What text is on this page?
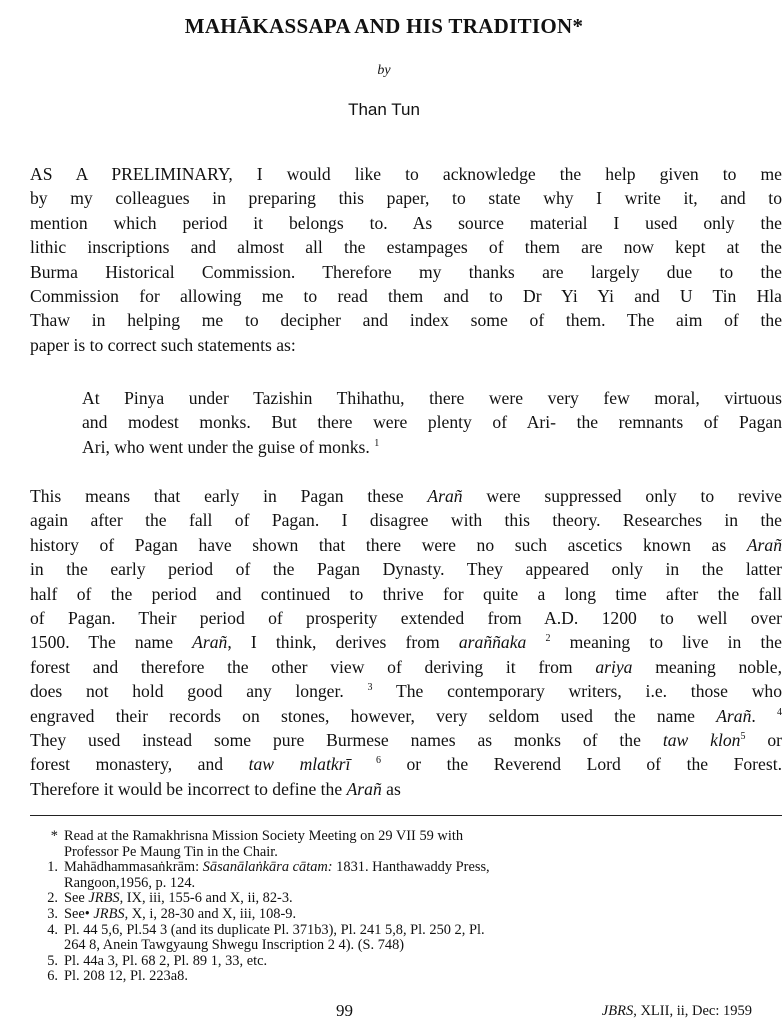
MAHĀKASSAPA AND HIS TRADITION*
by
Than Tun
AS A PRELIMINARY, I would like to acknowledge the help given to me
by my colleagues in preparing this paper, to state why I write it, and to
mention which period it belongs to. As source material I used only the
lithic inscriptions and almost all the estampages of them are now kept at the
Burma Historical Commission. Therefore my thanks are largely due to the
Commission for allowing me to read them and to Dr Yi Yi and U Tin Hla
Thaw in helping me to decipher and index some of them. The aim of the
paper is to correct such statements as:
At Pinya under Tazishin Thihathu, there were very few moral, virtuous
and modest monks. But there were plenty of Ari- the remnants of Pagan
Ari, who went under the guise of monks. $^1$
This means that early in Pagan these Arañ were suppressed only to revive
again after the fall of Pagan. I disagree with this theory. Researches in the
history of Pagan have shown that there were no such ascetics known as Arañ
in the early period of the Pagan Dynasty. They appeared only in the latter
half of the period and continued to thrive for quite a long time after the fall
of Pagan. Their period of prosperity extended from A.D. 1200 to well over
1500. The name Arañ, I think, derives from araññaka $^2$ meaning to live in the
forest and therefore the other view of deriving it from ariya meaning noble,
does not hold good any longer. $^3$ The contemporary writers, i.e. those who
engraved their records on stones, however, very seldom used the name Arañ. $^4$
They used instead some pure Burmese names as monks of the taw klon$^5$ or
forest monastery, and taw mlatkrī	$^6$ or the Reverend Lord of the Forest.
Therefore it would be incorrect to define the Arañ as
* Read at the Ramakhrisna Mission Society Meeting on 29 VII 59 with
Professor Pe Maung Tin in the Chair.
1. Mahādhammasaṅkrām: Sāsanālaṅkāra cātam: 1831. Hanthawaddy Press,
Rangoon,1956, p. 124.
2. See JRBS, IX, iii, 155-6 and X, ii, 82-3.
3. See• JRBS, X, i, 28-30 and X, iii, 108-9.
4. Pl. 44 5,6, Pl.54 3 (and its duplicate Pl. 371b3), Pl. 241 5,8, Pl. 250 2, Pl.
264 8, Anein Tawgyaung Shwegu Inscription 2 4). (S. 748)
5. Pl. 44a 3, Pl. 68 2, Pl. 89 1, 33, etc.
6. Pl. 208 12, Pl. 223a8.
99	JBRS, XLII, ii, Dec: 1959
